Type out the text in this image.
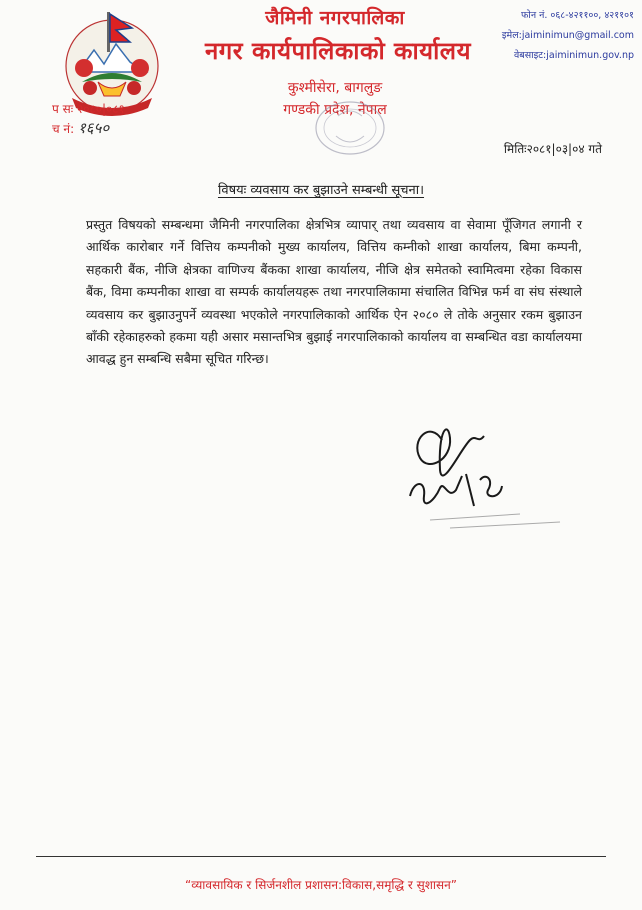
जैमिनी नगरपालिका
नगर कार्यपालिकाको कार्यालय
कुश्मीसेरा, बागलुङ
गण्डकी प्रदेश, नेपाल
फोन नं. ०६८-४२११००, ४२११०१
इमेल:jaiminimun@gmail.com
वेबसाइट:jaiminimun.gov.np
प सः २०८०|०८१
च नं: १६५०
मितिः२०८१|०३|०४ गते
विषयः व्यवसाय कर बुझाउने सम्बन्धी सूचना।
प्रस्तुत विषयको सम्बन्धमा जैमिनी नगरपालिका क्षेत्रभित्र व्यापार् तथा व्यवसाय वा सेवामा पूँजिगत लगानी र आर्थिक कारोबार गर्ने वित्तिय कम्पनीको मुख्य कार्यालय, वित्तिय कम्नीको शाखा कार्यालय, बिमा कम्पनी, सहकारी बैंक, नीजि क्षेत्रका वाणिज्य बैंकका शाखा कार्यालय, नीजि क्षेत्र समेतको स्वामित्वमा रहेका विकास बैंक, विमा कम्पनीका शाखा वा सम्पर्क कार्यालयहरू तथा नगरपालिकामा संचालित विभिन्न फर्म वा संघ संस्थाले व्यवसाय कर बुझाउनुपर्ने व्यवस्था भएकोले नगरपालिकाको आर्थिक ऐन २०८० ले तोके अनुसार रकम बुझाउन बाँकी रहेकाहरुको हकमा यही असार मसान्तभित्र बुझाई नगरपालिकाको कार्यालय वा सम्बन्धित वडा कार्यालयमा आवद्ध हुन सम्बन्धि सबैमा सूचित गरिन्छ।
“व्यावसायिक र सिर्जनशील प्रशासन:विकास,समृद्धि र सुशासन”
